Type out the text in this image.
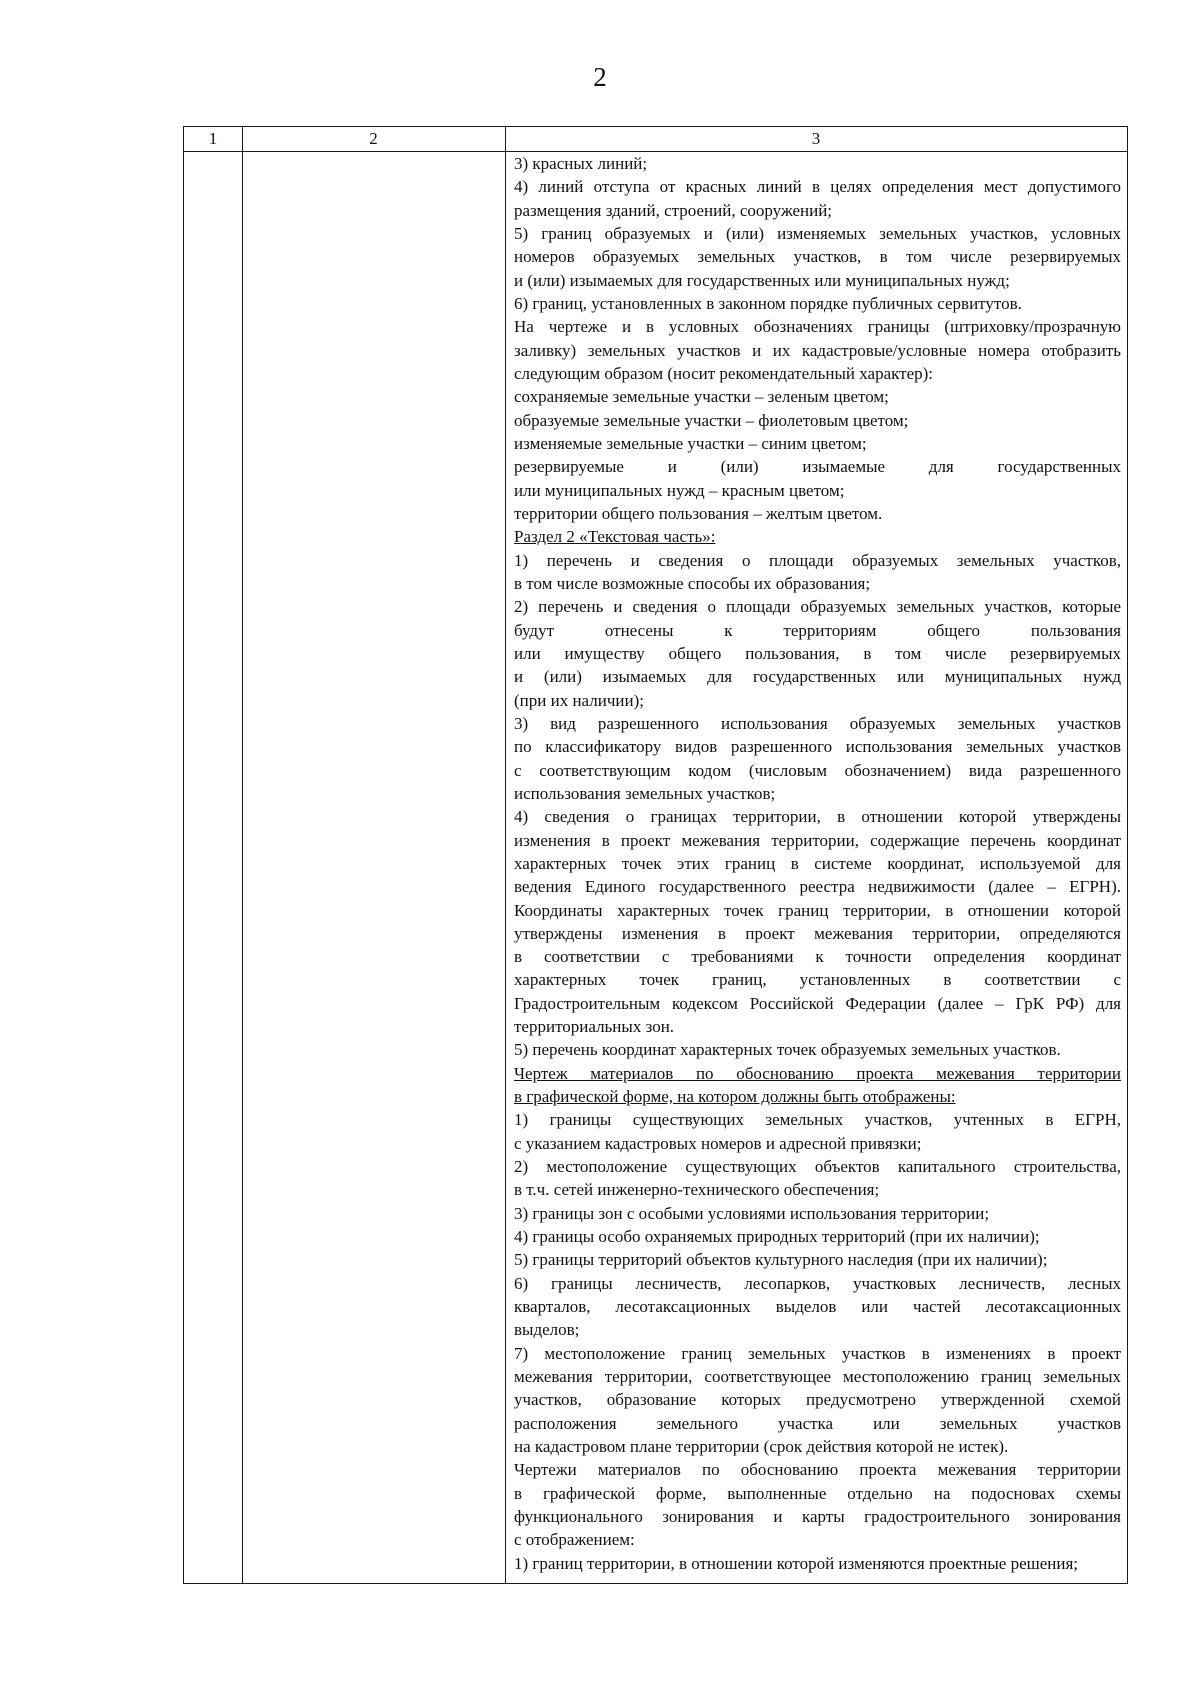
2
1	2	3
3) красных линий;
4) линий отступа от красных линий в целях определения мест допустимого
размещения зданий, строений, сооружений;
5) границ образуемых и (или) изменяемых земельных участков, условных
номеров образуемых земельных участков, в том числе резервируемых
и (или) изымаемых для государственных или муниципальных нужд;
6) границ, установленных в законном порядке публичных сервитутов.
На чертеже и в условных обозначениях границы (штриховку/прозрачную
заливку) земельных участков и их кадастровые/условные номера отобразить
следующим образом (носит рекомендательный характер):
сохраняемые земельные участки – зеленым цветом;
образуемые земельные участки – фиолетовым цветом;
изменяемые земельные участки – синим цветом;
резервируемые и (или) изымаемые для государственных
или муниципальных нужд – красным цветом;
территории общего пользования – желтым цветом.
Раздел 2 «Текстовая часть»:
1) перечень и сведения о площади образуемых земельных участков,
в том числе возможные способы их образования;
2) перечень и сведения о площади образуемых земельных участков, которые
будут отнесены к территориям общего пользования
или имуществу общего пользования, в том числе резервируемых
и (или) изымаемых для государственных или муниципальных нужд
(при их наличии);
3) вид разрешенного использования образуемых земельных участков
по классификатору видов разрешенного использования земельных участков
с соответствующим кодом (числовым обозначением) вида разрешенного
использования земельных участков;
4) сведения о границах территории, в отношении которой утверждены
изменения в проект межевания территории, содержащие перечень координат
характерных точек этих границ в системе координат, используемой для
ведения Единого государственного реестра недвижимости (далее – ЕГРН).
Координаты характерных точек границ территории, в отношении которой
утверждены изменения в проект межевания территории, определяются
в соответствии с требованиями к точности определения координат
характерных точек границ, установленных в соответствии с
Градостроительным кодексом Российской Федерации (далее – ГрК РФ) для
территориальных зон.
5) перечень координат характерных точек образуемых земельных участков.
Чертеж материалов по обоснованию проекта межевания территории
в графической форме, на котором должны быть отображены:
1) границы существующих земельных участков, учтенных в ЕГРН,
с указанием кадастровых номеров и адресной привязки;
2) местоположение существующих объектов капитального строительства,
в т.ч. сетей инженерно-технического обеспечения;
3) границы зон с особыми условиями использования территории;
4) границы особо охраняемых природных территорий (при их наличии);
5) границы территорий объектов культурного наследия (при их наличии);
6) границы лесничеств, лесопарков, участковых лесничеств, лесных
кварталов, лесотаксационных выделов или частей лесотаксационных
выделов;
7) местоположение границ земельных участков в изменениях в проект
межевания территории, соответствующее местоположению границ земельных
участков, образование которых предусмотрено утвержденной схемой
расположения земельного участка или земельных участков
на кадастровом плане территории (срок действия которой не истек).
Чертежи материалов по обоснованию проекта межевания территории
в графической форме, выполненные отдельно на подосновах схемы
функционального зонирования и карты градостроительного зонирования
с отображением:
1) границ территории, в отношении которой изменяются проектные решения;
